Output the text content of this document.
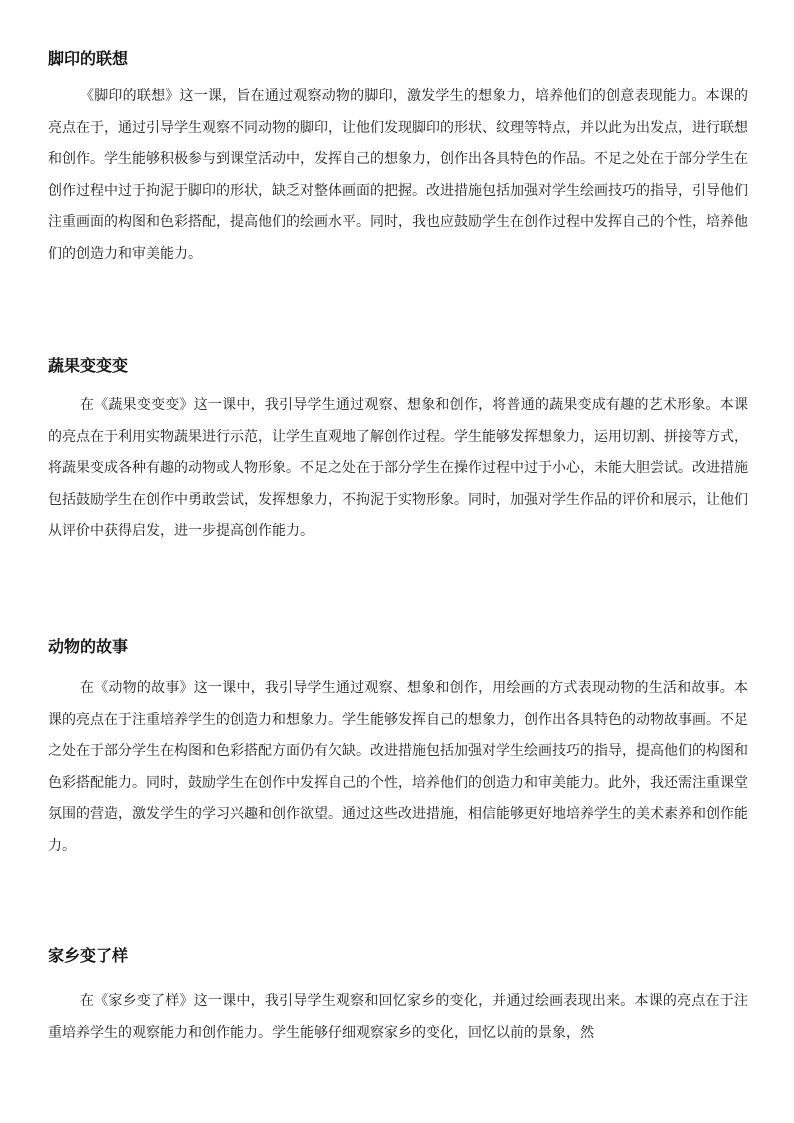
脚印的联想

《脚印的联想》这一课，旨在通过观察动物的脚印，激发学生的想象力，培养他们的创意表现能力。本课的亮点在于，通过引导学生观察不同动物的脚印，让他们发现脚印的形状、纹理等特点，并以此为出发点，进行联想和创作。学生能够积极参与到课堂活动中，发挥自己的想象力，创作出各具特色的作品。不足之处在于部分学生在创作过程中过于拘泥于脚印的形状，缺乏对整体画面的把握。改进措施包括加强对学生绘画技巧的指导，引导他们注重画面的构图和色彩搭配，提高他们的绘画水平。同时，我也应鼓励学生在创作过程中发挥自己的个性，培养他们的创造力和审美能力。

蔬果变变变

在《蔬果变变变》这一课中，我引导学生通过观察、想象和创作，将普通的蔬果变成有趣的艺术形象。本课的亮点在于利用实物蔬果进行示范，让学生直观地了解创作过程。学生能够发挥想象力，运用切割、拼接等方式，将蔬果变成各种有趣的动物或人物形象。不足之处在于部分学生在操作过程中过于小心，未能大胆尝试。改进措施包括鼓励学生在创作中勇敢尝试，发挥想象力，不拘泥于实物形象。同时，加强对学生作品的评价和展示，让他们从评价中获得启发，进一步提高创作能力。

动物的故事

在《动物的故事》这一课中，我引导学生通过观察、想象和创作，用绘画的方式表现动物的生活和故事。本课的亮点在于注重培养学生的创造力和想象力。学生能够发挥自己的想象力，创作出各具特色的动物故事画。不足之处在于部分学生在构图和色彩搭配方面仍有欠缺。改进措施包括加强对学生绘画技巧的指导，提高他们的构图和色彩搭配能力。同时，鼓励学生在创作中发挥自己的个性，培养他们的创造力和审美能力。此外，我还需注重课堂氛围的营造，激发学生的学习兴趣和创作欲望。通过这些改进措施，相信能够更好地培养学生的美术素养和创作能力。

家乡变了样

在《家乡变了样》这一课中，我引导学生观察和回忆家乡的变化，并通过绘画表现出来。本课的亮点在于注重培养学生的观察能力和创作能力。学生能够仔细观察家乡的变化，回忆以前的景象，然
